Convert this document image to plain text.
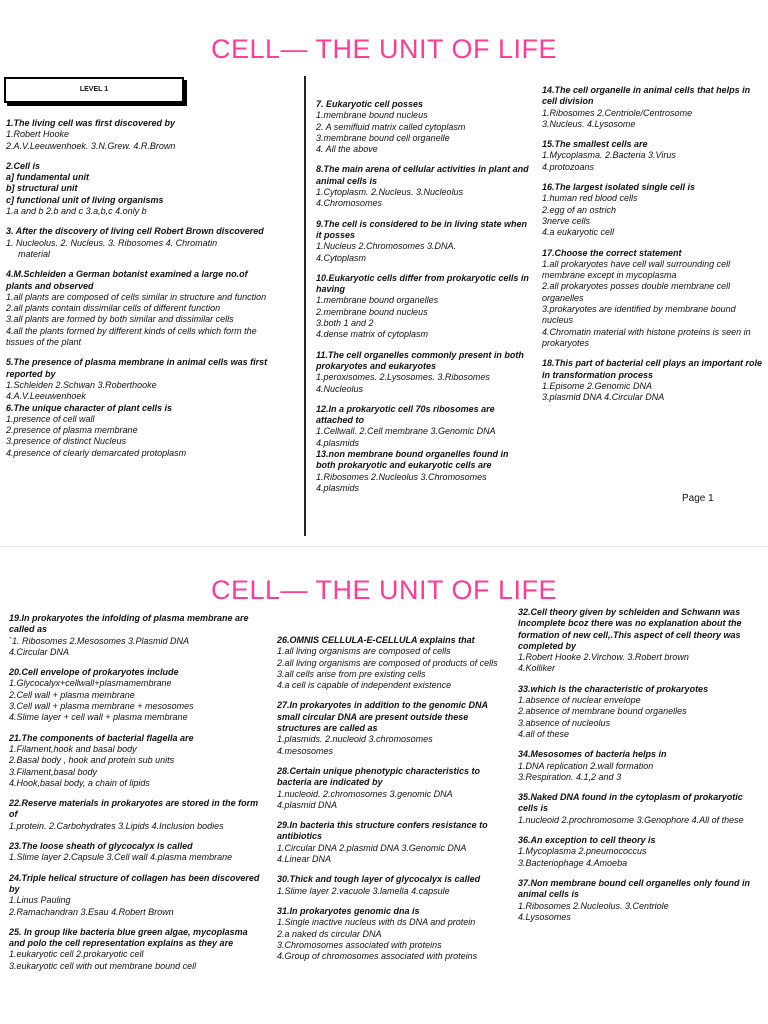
CELL— THE UNIT OF LIFE
LEVEL 1
1.The living cell was first discovered by
1.Robert Hooke
2.A.V.Leeuwenhoek. 3.N.Grew. 4.R.Brown
2.Cell is
a] fundamental unit
b] structural unit
c] functional unit of living organisms
1.a and b 2.b and c 3.a,b,c 4.only b
3. After the discovery of living cell Robert Brown discovered
1. Nucleolus. 2. Nucleus. 3. Ribosomes 4. Chromatin
material
4.M.Schleiden a German botanist examined a large no.of plants and observed
1.all plants are composed of cells similar in structure and function
2.all plants contain dissimilar cells of different function
3.all plants are formed by both similar and dissimilar cells
4.all the plants formed by different kinds of cells which form the tissues of the plant
5.The presence of plasma membrane in animal cells was first reported by
1.Schleiden 2.Schwan 3.Roberthooke
4.A.V.Leeuwenhoek
6.The unique character of plant cells is
1.presence of cell wall
2.presence of plasma membrane
3.presence of distinct Nucleus
4.presence of clearly demarcated protoplasm
7. Eukaryotic cell posses
1.membrane bound nucleus
2. A semifluid matrix called cytoplasm
3.membrane bound cell organelle
4. All the above
8.The main arena of cellular activities in plant and animal cells is
1.Cytoplasm. 2.Nucleus. 3.Nucleolus
4.Chromosomes
9.The cell is considered to be in living state when it posses
1.Nucleus 2.Chromosomes 3.DNA.
4.Cytoplasm
10.Eukaryotic cells differ from prokaryotic cells in having
1.membrane bound organelles
2.membrane bound nucleus
3.both 1 and 2
4.dense matrix of cytoplasm
11.The cell organelles commonly present in both prokaryotes and eukaryotes
1.peroxisomes. 2.Lysosomes. 3.Ribosomes
4.Nucleolus
12.In a prokaryotic cell 70s ribosomes are attached to
1.Cellwall. 2.Cell membrane 3.Genomic DNA
4.plasmids
13.non membrane bound organelles found in both prokaryotic and eukaryotic cells are
1.Ribosomes 2.Nucleolus 3.Chromosomes
4.plasmids
14.The cell organelle in animal cells that helps in cell division
1.Ribosomes 2.Centriole/Centrosome
3.Nucleus. 4.Lysosome
15.The smallest cells are
1.Mycoplasma. 2.Bacteria 3.Virus
4.protozoans
16.The largest isolated single cell is
1.human red blood cells
2.egg of an ostrich
3nerve cells
4.a eukaryotic cell
17.Choose the correct statement
1.all prokaryotes have cell wall surrounding cell membrane except in mycoplasma
2.all prokaryotes posses double membrane cell organelles
3.prokaryotes are identified by membrane bound nucleus
4.Chromatin material with histone proteins is seen in prokaryotes
18.This part of bacterial cell plays an important role in transformation process
1.Episome 2.Genomic DNA
3.plasmid DNA 4.Circular DNA
Page 1
CELL— THE UNIT OF LIFE
19.In prokaryotes the infolding of plasma membrane are called as
`1. Ribosomes 2.Mesosomes 3.Plasmid DNA
4.Circular DNA
20.Cell envelope of prokaryotes include
1.Glycocalyx+cellwall+plasmamembrane
2.Cell wall + plasma membrane
3.Cell wall + plasma membrane + mesosomes
4.Slime layer + cell wall + plasma membrane
21.The components of bacterial flagella are
1.Filament,hook and basal body
2.Basal body , hook and protein sub units
3.Filament,basal body
4.Hook,basal body, a chain of lipids
22.Reserve materials in prokaryotes are stored in the form of
1.protein. 2.Carbohydrates 3.Lipids 4.Inclusion bodies
23.The loose sheath of glycocalyx is called
1.Slime layer 2.Capsule 3.Cell wall 4.plasma membrane
24.Triple helical structure of collagen has been discovered by
1.Linus Pauling
2.Ramachandran 3.Esau 4.Robert Brown
25. In group like bacteria blue green algae, mycoplasma and polo the cell representation explains as they are
1.eukaryotic cell 2.prokaryotic cell
3.eukaryotic cell with out membrane bound cell
26.OMNIS CELLULA-E-CELLULA explains that
1.all living organisms are composed of cells
2.all living organisms are composed of products of cells
3.all cells arise from pre existing cells
4.a cell is capable of independent existence
27.In prokaryotes in addition to the genomic DNA small circular DNA are present outside these structures are called as
1.plasmids. 2.nucleoid 3.chromosomes
4.mesosomes
28.Certain unique phenotypic characteristics to bacteria are indicated by
1.nucleoid. 2.chromosomes 3.genomic DNA
4.plasmid DNA
29.In bacteria this structure confers resistance to antibiotics
1.Circular DNA 2.plasmid DNA 3.Genomic DNA
4.Linear DNA
30.Thick and tough layer of glycocalyx is called
1.Slime layer 2.vacuole 3.lamella 4.capsule
31.In prokaryotes genomic dna is
1.Single inactive nucleus with ds DNA and protein
2.a naked ds circular DNA
3.Chromosomes associated with proteins
4.Group of chromosomes associated with proteins
32.Cell theory given by schleiden and Schwann was incomplete bcoz there was no explanation about the formation of new cell,.This aspect of cell theory was completed by
1.Robert Hooke 2.Virchow. 3.Robert brown
4.Kolliker
33.which is the characteristic of prokaryotes
1.absence of nuclear envelope
2.absence of membrane bound organelles
3.absence of nucleolus
4.all of these
34.Mesosomes of bacteria helps in
1.DNA replication 2.wall formation
3.Respiration. 4.1,2 and 3
35.Naked DNA found in the cytoplasm of prokaryotic cells is
1.nucleoid 2.prochromosome 3.Genophore 4.All of these
36.An exception to cell theory is
1.Mycoplasma 2.pneumococcus
3.Bacteriophage 4.Amoeba
37.Non membrane bound cell organelles only found in animal cells is
1.Ribosomes 2.Nucleolus. 3.Centriole
4.Lysosomes
